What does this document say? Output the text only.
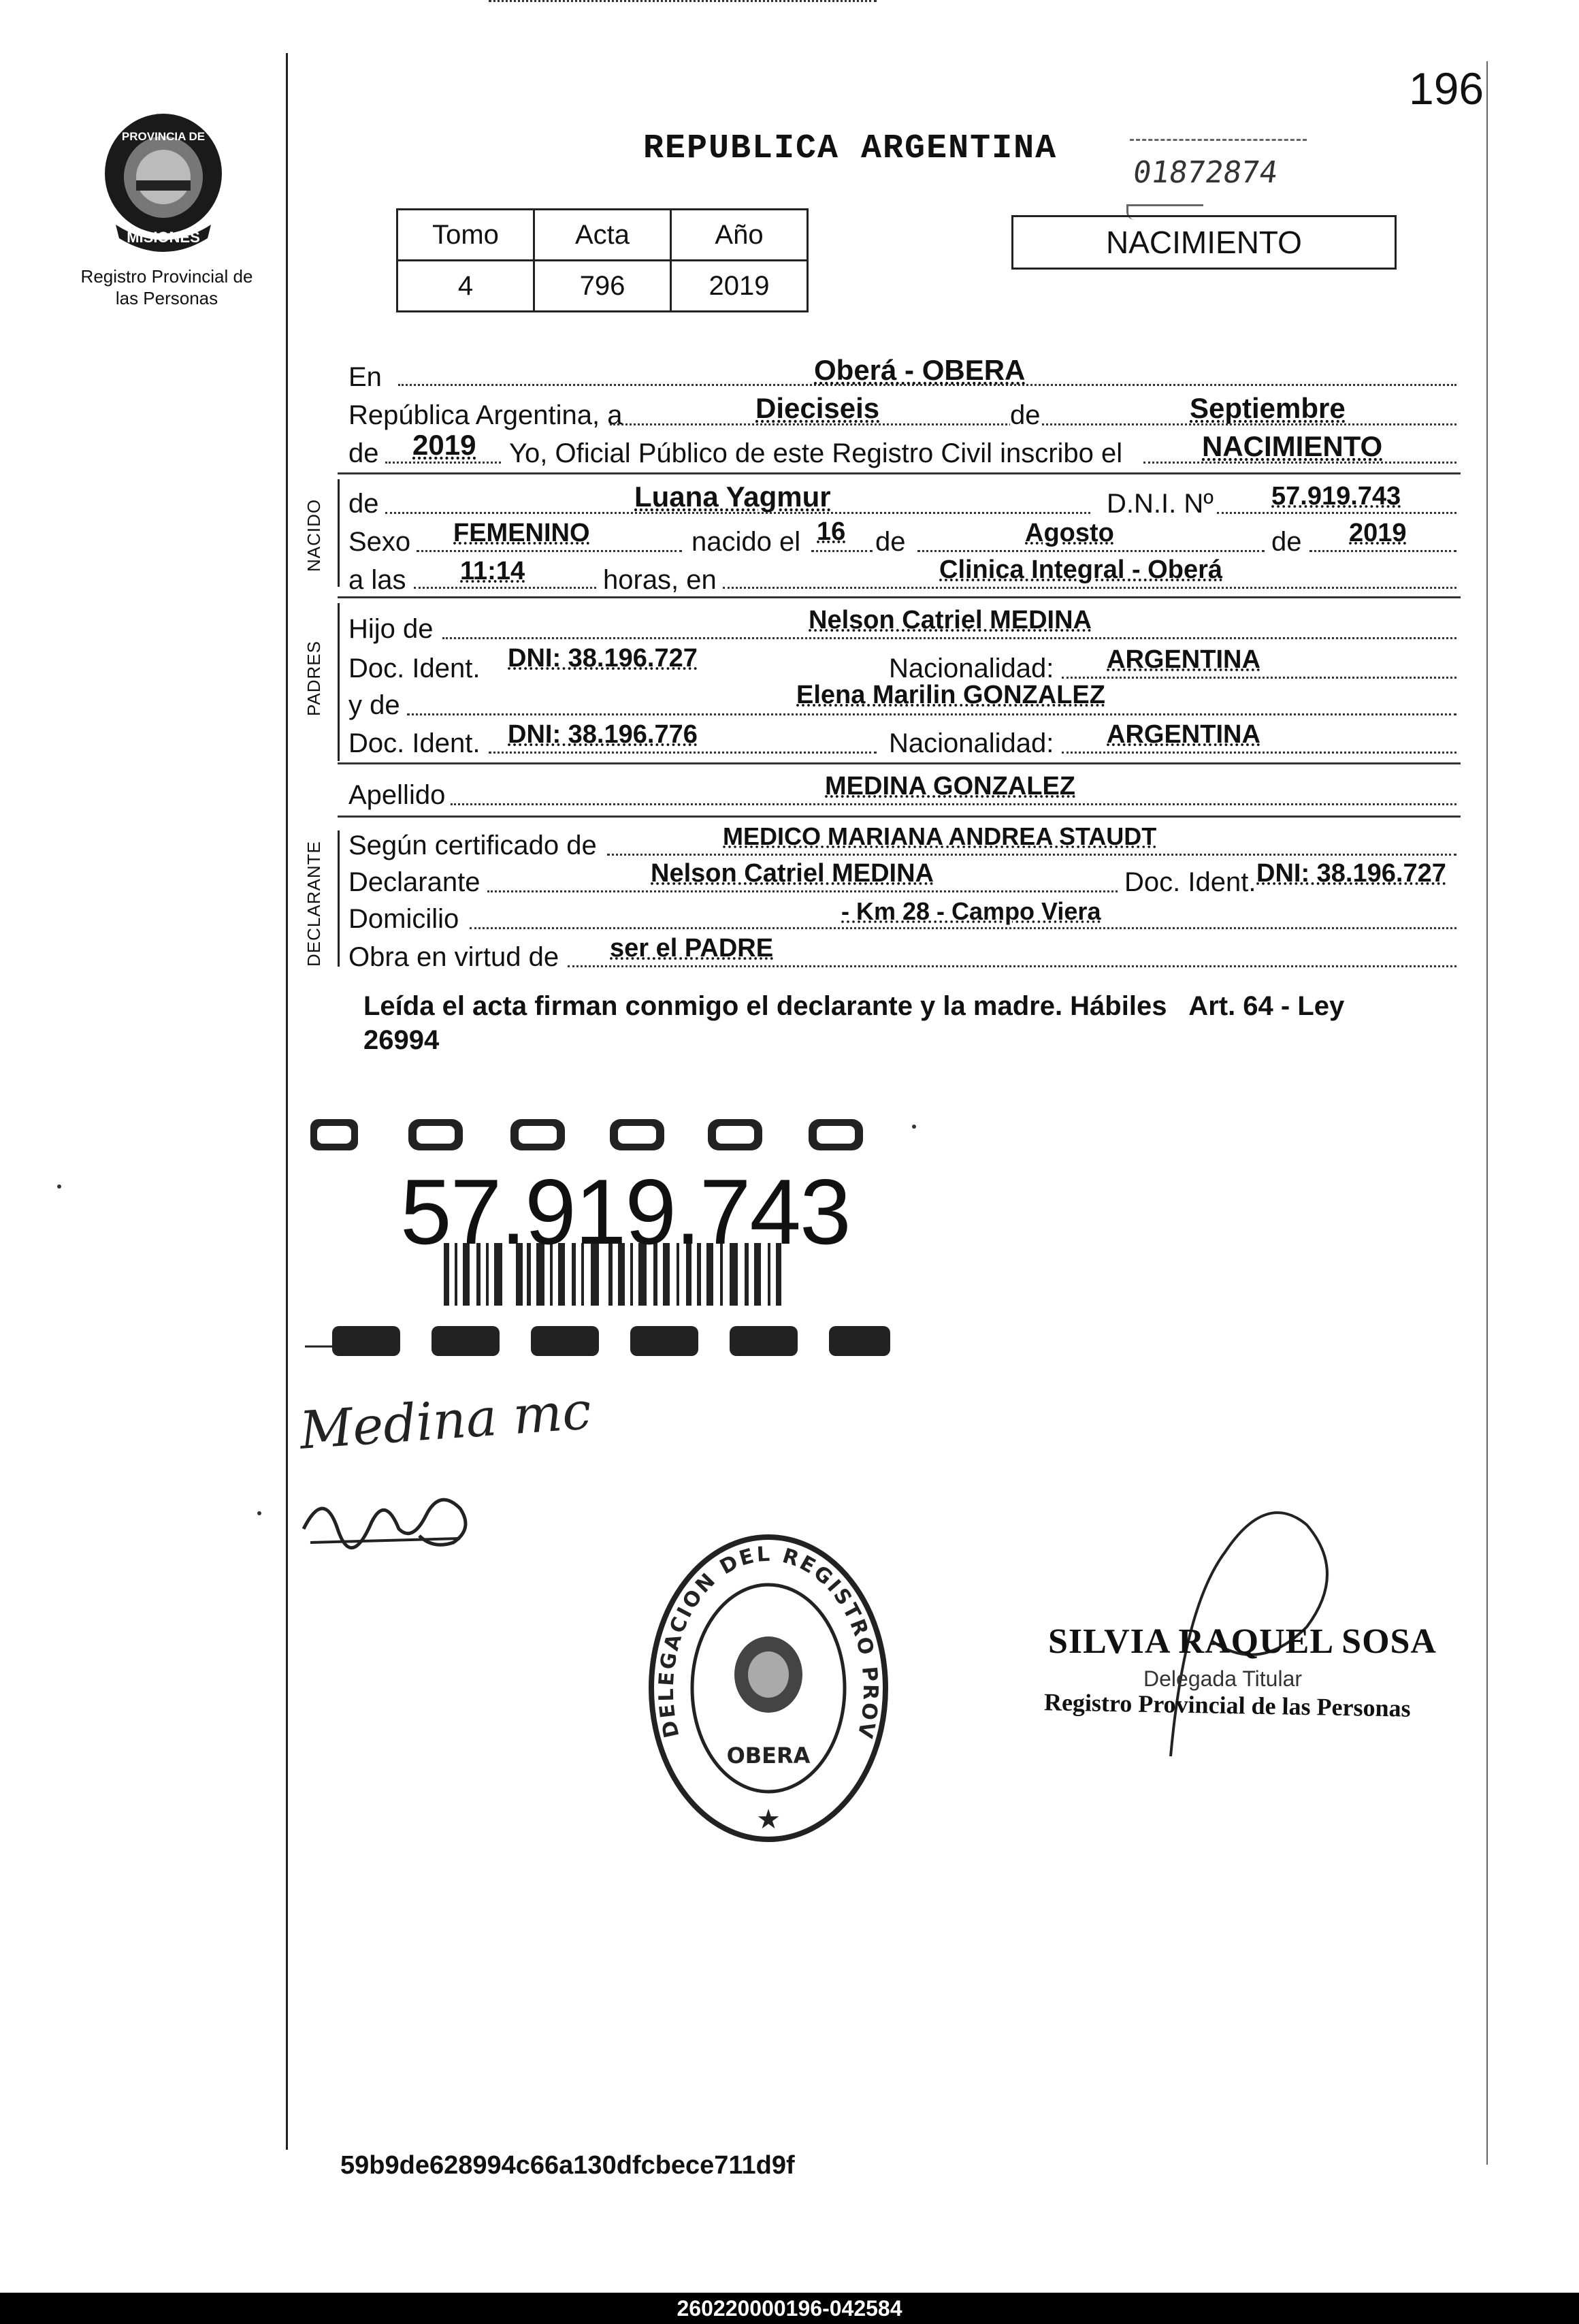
196
PROVINCIA DE
MISIONES
Registro Provincial de las Personas
REPUBLICA ARGENTINA
01872874
Tomo	Acta	Año
4	796	2019
NACIMIENTO
En	Oberá - OBERA
República Argentina, a	Dieciseis	de	Septiembre
de 2019 Yo, Oficial Público de este Registro Civil inscribo el	NACIMIENTO
NACIDO de	Luana Yagmur	D.N.I. Nº 57.919.743
Sexo FEMENINO	nacido el 16 de	Agosto	de 2019
a las 11:14	horas, en	Clinica Integral - Oberá
PADRES
Hijo de	Nelson Catriel MEDINA
Doc. Ident. DNI: 38.196.727	Nacionalidad: ARGENTINA
y de	Elena Marilin GONZALEZ
Doc. Ident. DNI: 38.196.776	Nacionalidad: ARGENTINA
Apellido	MEDINA GONZALEZ
DECLARANTE Según certificado de	MEDICO MARIANA ANDREA STAUDT
Declarante	Nelson Catriel MEDINA	Doc. Ident. DNI: 38.196.727
Domicilio	- Km 28 - Campo Viera
Obra en virtud de ser el PADRE
Leída el acta firman conmigo el declarante y la madre. Hábiles   Art. 64 - Ley
26994
57.919.743
Medina mc
DELEGACION DEL REGISTRO PROV
OBERA
★
SILVIA RAQUEL SOSA
Delegada Titular
Registro Provincial de las Personas
59b9de628994c66a130dfcbece711d9f
260220000196-042584
